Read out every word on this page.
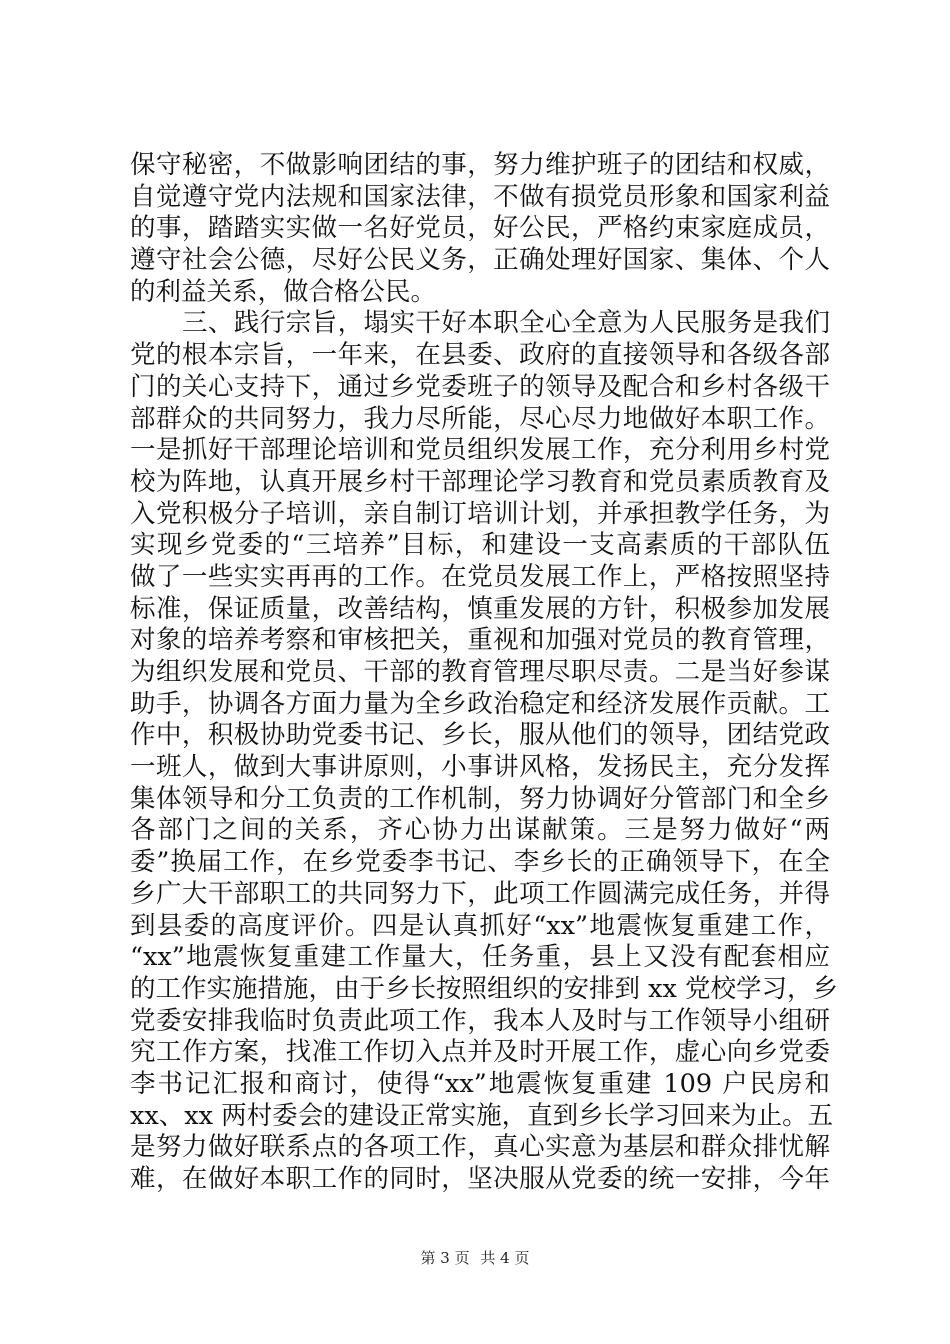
保守秘密，不做影响团结的事，努力维护班子的团结和权威，
自觉遵守党内法规和国家法律，不做有损党员形象和国家利益
的事，踏踏实实做一名好党员，好公民，严格约束家庭成员，
遵守社会公德，尽好公民义务，正确处理好国家、集体、个人
的利益关系，做合格公民。
三、践行宗旨，塌实干好本职全心全意为人民服务是我们
党的根本宗旨，一年来，在县委、政府的直接领导和各级各部
门的关心支持下，通过乡党委班子的领导及配合和乡村各级干
部群众的共同努力，我力尽所能，尽心尽力地做好本职工作。
一是抓好干部理论培训和党员组织发展工作，充分利用乡村党
校为阵地，认真开展乡村干部理论学习教育和党员素质教育及
入党积极分子培训，亲自制订培训计划，并承担教学任务，为
实现乡党委的“三培养”目标，和建设一支高素质的干部队伍
做了一些实实再再的工作。在党员发展工作上，严格按照坚持
标准，保证质量，改善结构，慎重发展的方针，积极参加发展
对象的培养考察和审核把关，重视和加强对党员的教育管理，
为组织发展和党员、干部的教育管理尽职尽责。二是当好参谋
助手，协调各方面力量为全乡政治稳定和经济发展作贡献。工
作中，积极协助党委书记、乡长，服从他们的领导，团结党政
一班人，做到大事讲原则，小事讲风格，发扬民主，充分发挥
集体领导和分工负责的工作机制，努力协调好分管部门和全乡
各部门之间的关系，齐心协力出谋献策。三是努力做好“两
委”换届工作，在乡党委李书记、李乡长的正确领导下，在全
乡广大干部职工的共同努力下，此项工作圆满完成任务，并得
到县委的高度评价。四是认真抓好“xx”地震恢复重建工作，
“xx”地震恢复重建工作量大，任务重，县上又没有配套相应
的工作实施措施，由于乡长按照组织的安排到 xx 党校学习，乡
党委安排我临时负责此项工作，我本人及时与工作领导小组研
究工作方案，找准工作切入点并及时开展工作，虚心向乡党委
李书记汇报和商讨，使得“xx”地震恢复重建 109 户民房和
xx、xx 两村委会的建设正常实施，直到乡长学习回来为止。五
是努力做好联系点的各项工作，真心实意为基层和群众排忧解
难，在做好本职工作的同时，坚决服从党委的统一安排，今年
第 3 页 共 4 页
